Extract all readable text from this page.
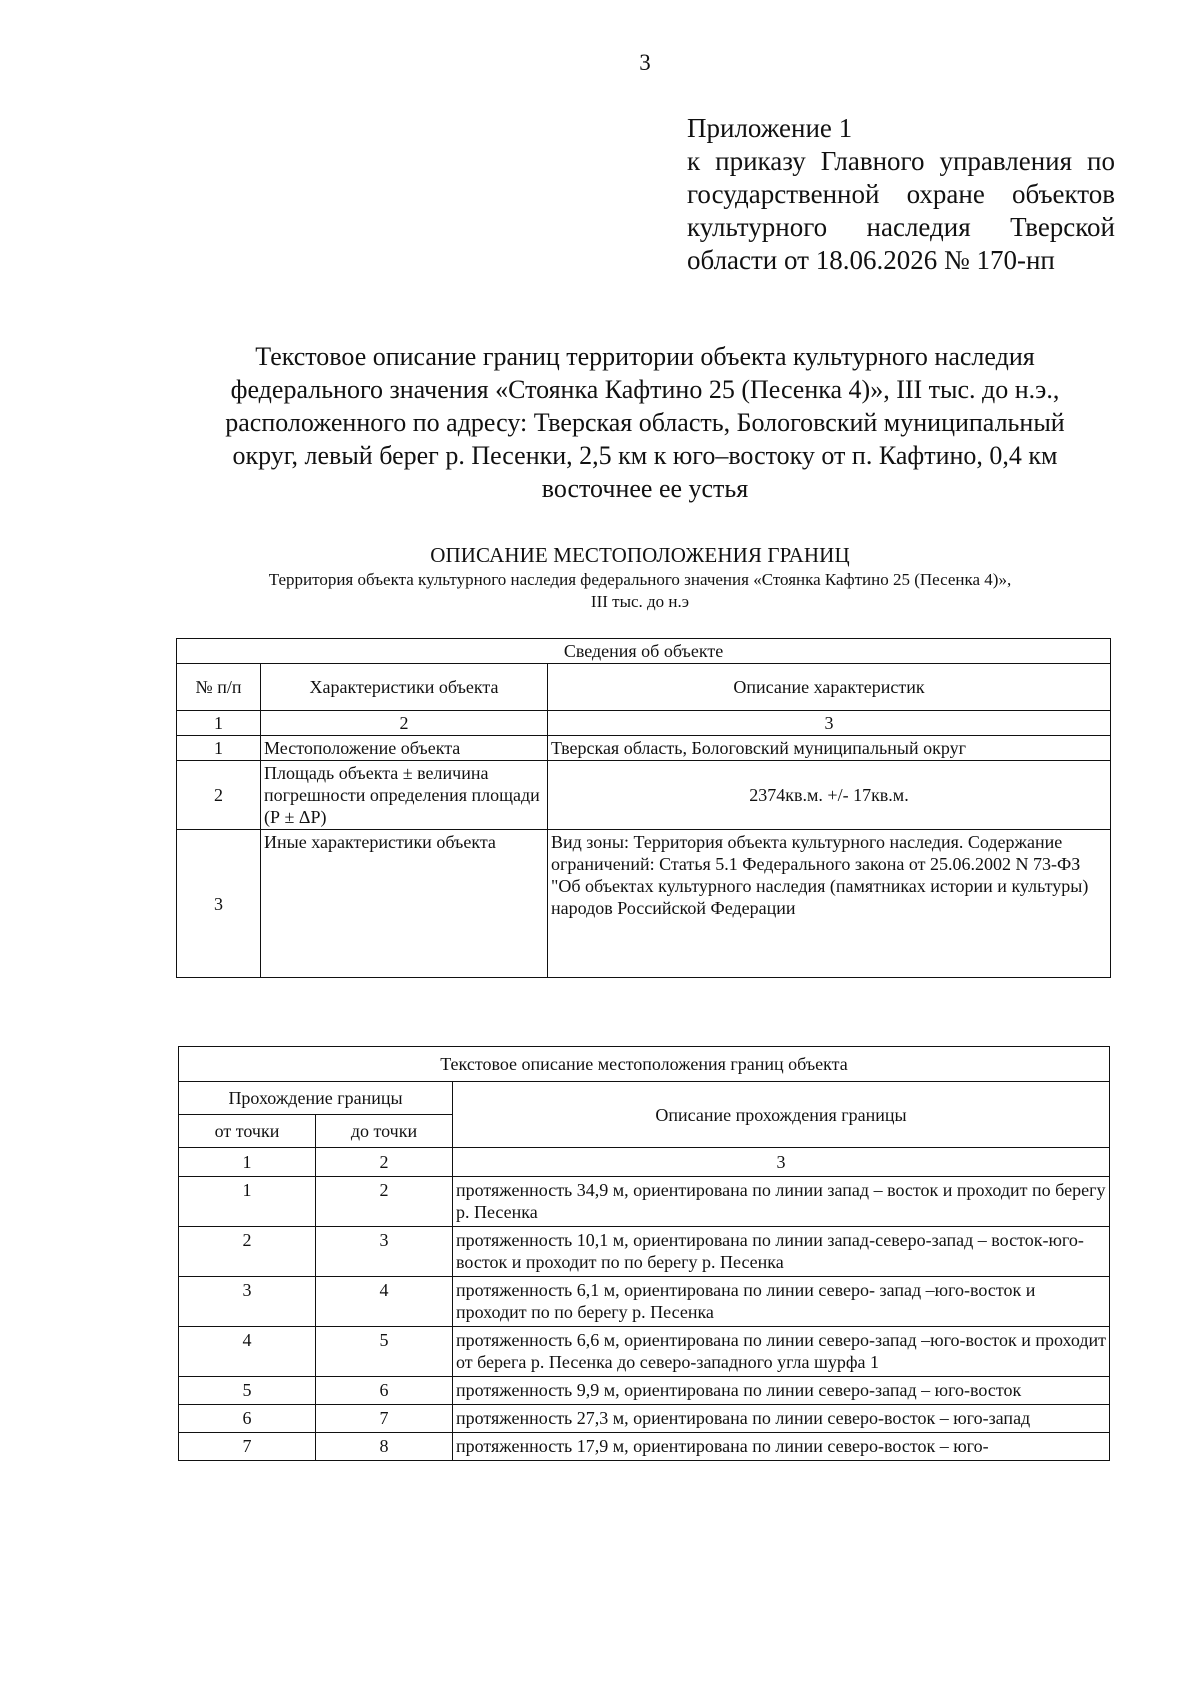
3
Приложение 1
к приказу Главного управления по
государственной охране объектов
культурного наследия Тверской
области от 18.06.2026 № 170-нп
Текстовое описание границ территории объекта культурного наследия
федерального значения «Стоянка Кафтино 25 (Песенка 4)», III тыс. до н.э.,
расположенного по адресу: Тверская область, Бологовский муниципальный
округ, левый берег р. Песенки, 2,5 км к юго–востоку от п. Кафтино, 0,4 км
восточнее ее устья
ОПИСАНИЕ МЕСТОПОЛОЖЕНИЯ ГРАНИЦ
Территория объекта культурного наследия федерального значения «Стоянка Кафтино 25 (Песенка 4)»,
III тыс. до н.э
Сведения об объекте		
№ п/п	Характеристики объекта	Описание характеристик
1	2	3
1	Местоположение объекта	Тверская область, Бологовский муниципальный округ
2	Площадь объекта ± величина погрешности определения площади (Р ± ΔР)	2374кв.м. +/- 17кв.м.
3	Иные характеристики объекта	Вид зоны: Территория объекта культурного наследия. Содержание ограничений: Статья 5.1 Федерального закона от 25.06.2002 N 73-ФЗ "Об объектах культурного наследия (памятниках истории и культуры) народов Российской Федерации
Текстовое описание местоположения границ объекта		
Прохождение границы		Описание прохождения границы
от точки	до точки	
1	2	3
1	2	протяженность 34,9 м, ориентирована по линии запад – восток и проходит по берегу р. Песенка
2	3	протяженность 10,1 м, ориентирована по линии запад-северо-запад – восток-юго-восток и проходит по по берегу р. Песенка
3	4	протяженность 6,1 м, ориентирована по линии северо- запад –юго-восток и проходит по по берегу р. Песенка
4	5	протяженность 6,6 м, ориентирована по линии северо-запад –юго-восток и проходит от берега р. Песенка до северо-западного угла шурфа 1
5	6	протяженность 9,9 м, ориентирована по линии северо-запад – юго-восток
6	7	протяженность 27,3 м, ориентирована по линии северо-восток – юго-запад
7	8	протяженность 17,9 м, ориентирована по линии северо-восток – юго-
